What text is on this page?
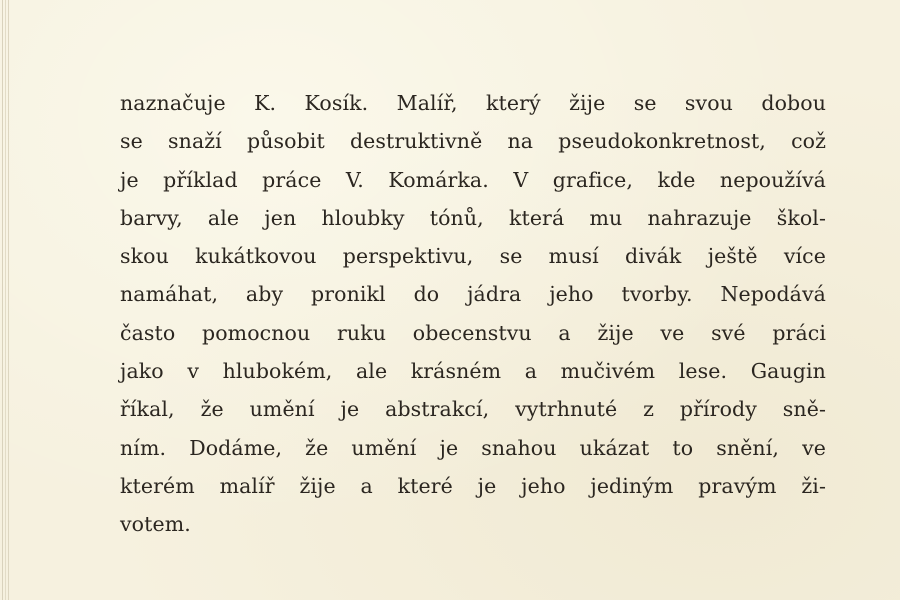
naznačuje K. Kosík. Malíř, který žije se svou dobou
se snaží působit destruktivně na pseudokonkretnost, což
je příklad práce V. Komárka. V grafice, kde nepoužívá
barvy, ale jen hloubky tónů, která mu nahrazuje škol-
skou kukátkovou perspektivu, se musí divák ještě více
namáhat, aby pronikl do jádra jeho tvorby. Nepodává
často pomocnou ruku obecenstvu a žije ve své práci
jako v hlubokém, ale krásném a mučivém lese. Gaugin
říkal, že umění je abstrakcí, vytrhnuté z přírody sně-
ním. Dodáme, že umění je snahou ukázat to snění, ve
kterém malíř žije a které je jeho jediným pravým ži-
votem.
